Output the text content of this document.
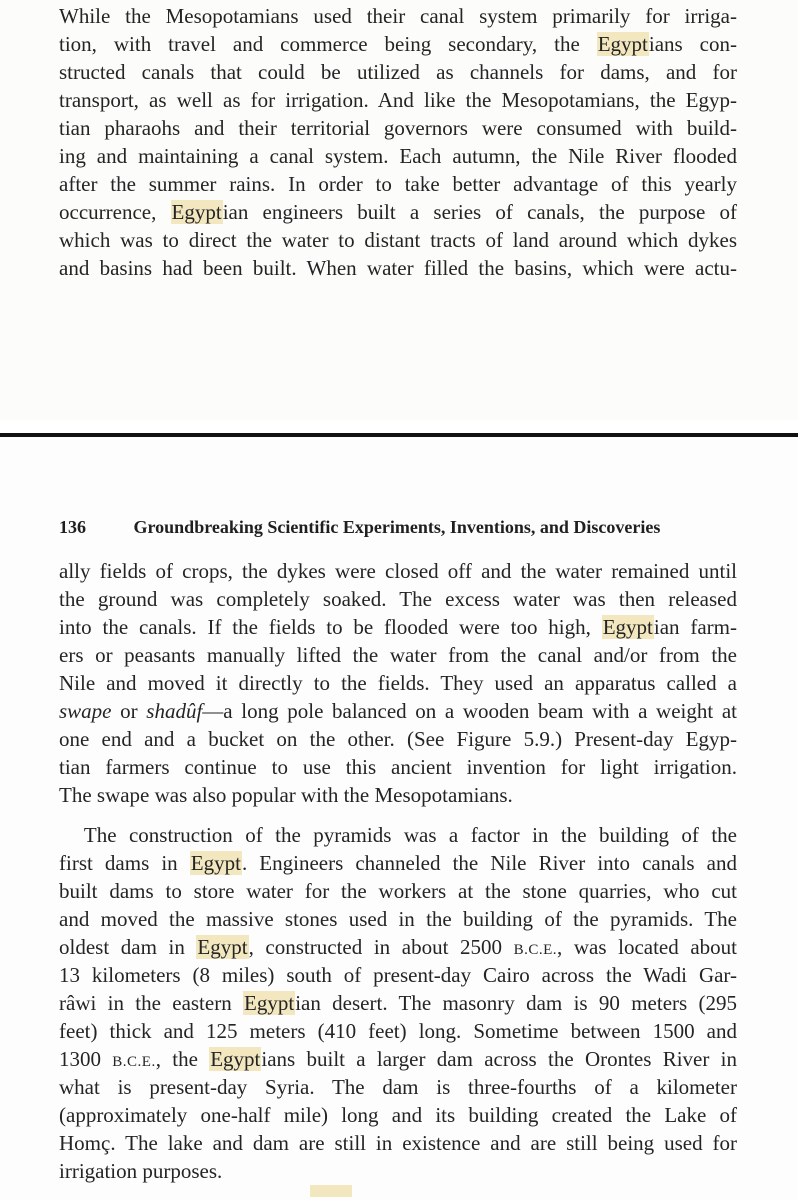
While the Mesopotamians used their canal system primarily for irriga-
tion, with travel and commerce being secondary, the Egyptians con-
structed canals that could be utilized as channels for dams, and for
transport, as well as for irrigation. And like the Mesopotamians, the Egyp-
tian pharaohs and their territorial governors were consumed with build-
ing and maintaining a canal system. Each autumn, the Nile River flooded
after the summer rains. In order to take better advantage of this yearly
occurrence, Egyptian engineers built a series of canals, the purpose of
which was to direct the water to distant tracts of land around which dykes
and basins had been built. When water filled the basins, which were actu-
136	Groundbreaking Scientific Experiments, Inventions, and Discoveries
ally fields of crops, the dykes were closed off and the water remained until
the ground was completely soaked. The excess water was then released
into the canals. If the fields to be flooded were too high, Egyptian farm-
ers or peasants manually lifted the water from the canal and/or from the
Nile and moved it directly to the fields. They used an apparatus called a
swape or shadûf—a long pole balanced on a wooden beam with a weight at
one end and a bucket on the other. (See Figure 5.9.) Present-day Egyp-
tian farmers continue to use this ancient invention for light irrigation.
The swape was also popular with the Mesopotamians.
The construction of the pyramids was a factor in the building of the
first dams in Egypt. Engineers channeled the Nile River into canals and
built dams to store water for the workers at the stone quarries, who cut
and moved the massive stones used in the building of the pyramids. The
oldest dam in Egypt, constructed in about 2500 B.C.E., was located about
13 kilometers (8 miles) south of present-day Cairo across the Wadi Gar-
râwi in the eastern Egyptian desert. The masonry dam is 90 meters (295
feet) thick and 125 meters (410 feet) long. Sometime between 1500 and
1300 B.C.E., the Egyptians built a larger dam across the Orontes River in
what is present-day Syria. The dam is three-fourths of a kilometer
(approximately one-half mile) long and its building created the Lake of
Homç. The lake and dam are still in existence and are still being used for
irrigation purposes.
